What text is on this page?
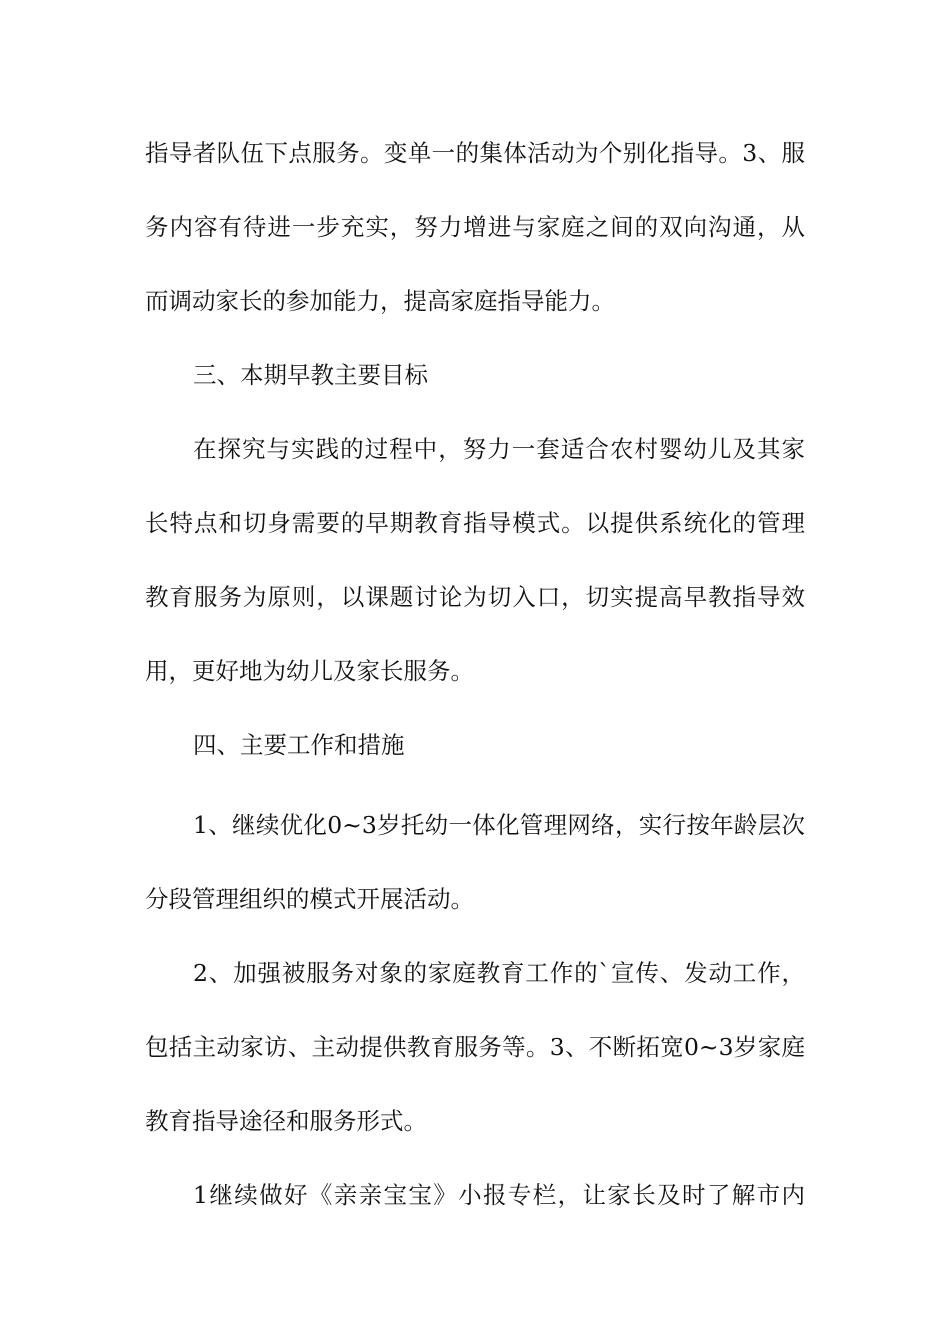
指导者队伍下点服务。变单一的集体活动为个别化指导。3、服
务内容有待进一步充实，努力增进与家庭之间的双向沟通，从
而调动家长的参加能力，提高家庭指导能力。
三、本期早教主要目标
在探究与实践的过程中，努力一套适合农村婴幼儿及其家
长特点和切身需要的早期教育指导模式。以提供系统化的管理
教育服务为原则，以课题讨论为切入口，切实提高早教指导效
用，更好地为幼儿及家长服务。
四、主要工作和措施
1、继续优化0~3岁托幼一体化管理网络，实行按年龄层次
分段管理组织的模式开展活动。
2、加强被服务对象的家庭教育工作的`宣传、发动工作，
包括主动家访、主动提供教育服务等。3、不断拓宽0~3岁家庭
教育指导途径和服务形式。
1继续做好《亲亲宝宝》小报专栏，让家长及时了解市内
